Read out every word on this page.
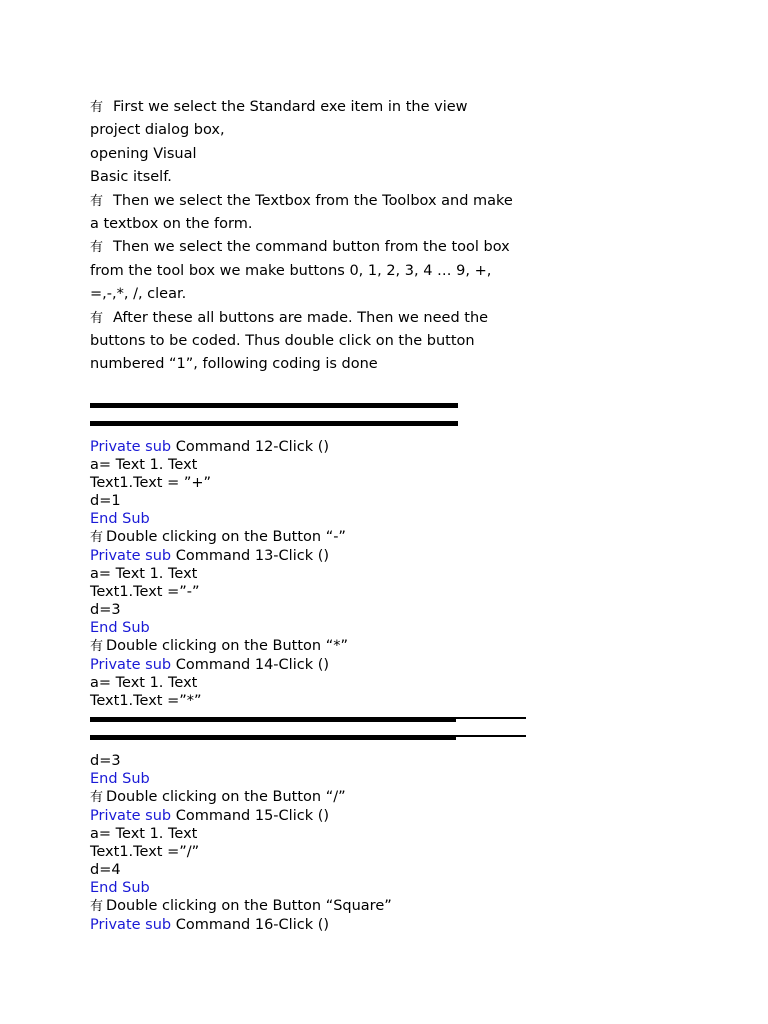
有 First we select the Standard exe item in the view

project dialog box,

opening Visual

Basic itself.

有 Then we select the Textbox from the Toolbox and make

a textbox on the form.

有 Then we select the command button from the tool box

from the tool box we make buttons 0, 1, 2, 3, 4 … 9, +,

=,-,*, /, clear.

有 After these all buttons are made. Then we need the

buttons to be coded. Thus double click on the button

numbered “1”, following coding is done

Private sub Command 12-Click ()

a= Text 1. Text

Text1.Text = ”+”

d=1

End Sub

有 Double clicking on the Button “-”

Private sub Command 13-Click ()

a= Text 1. Text

Text1.Text =”-”

d=3

End Sub

有 Double clicking on the Button “*”

Private sub Command 14-Click ()

a= Text 1. Text

Text1.Text =”*”

d=3

End Sub

有 Double clicking on the Button “/”

Private sub Command 15-Click ()

a= Text 1. Text

Text1.Text =”/”

d=4

End Sub

有 Double clicking on the Button “Square”

Private sub Command 16-Click ()
